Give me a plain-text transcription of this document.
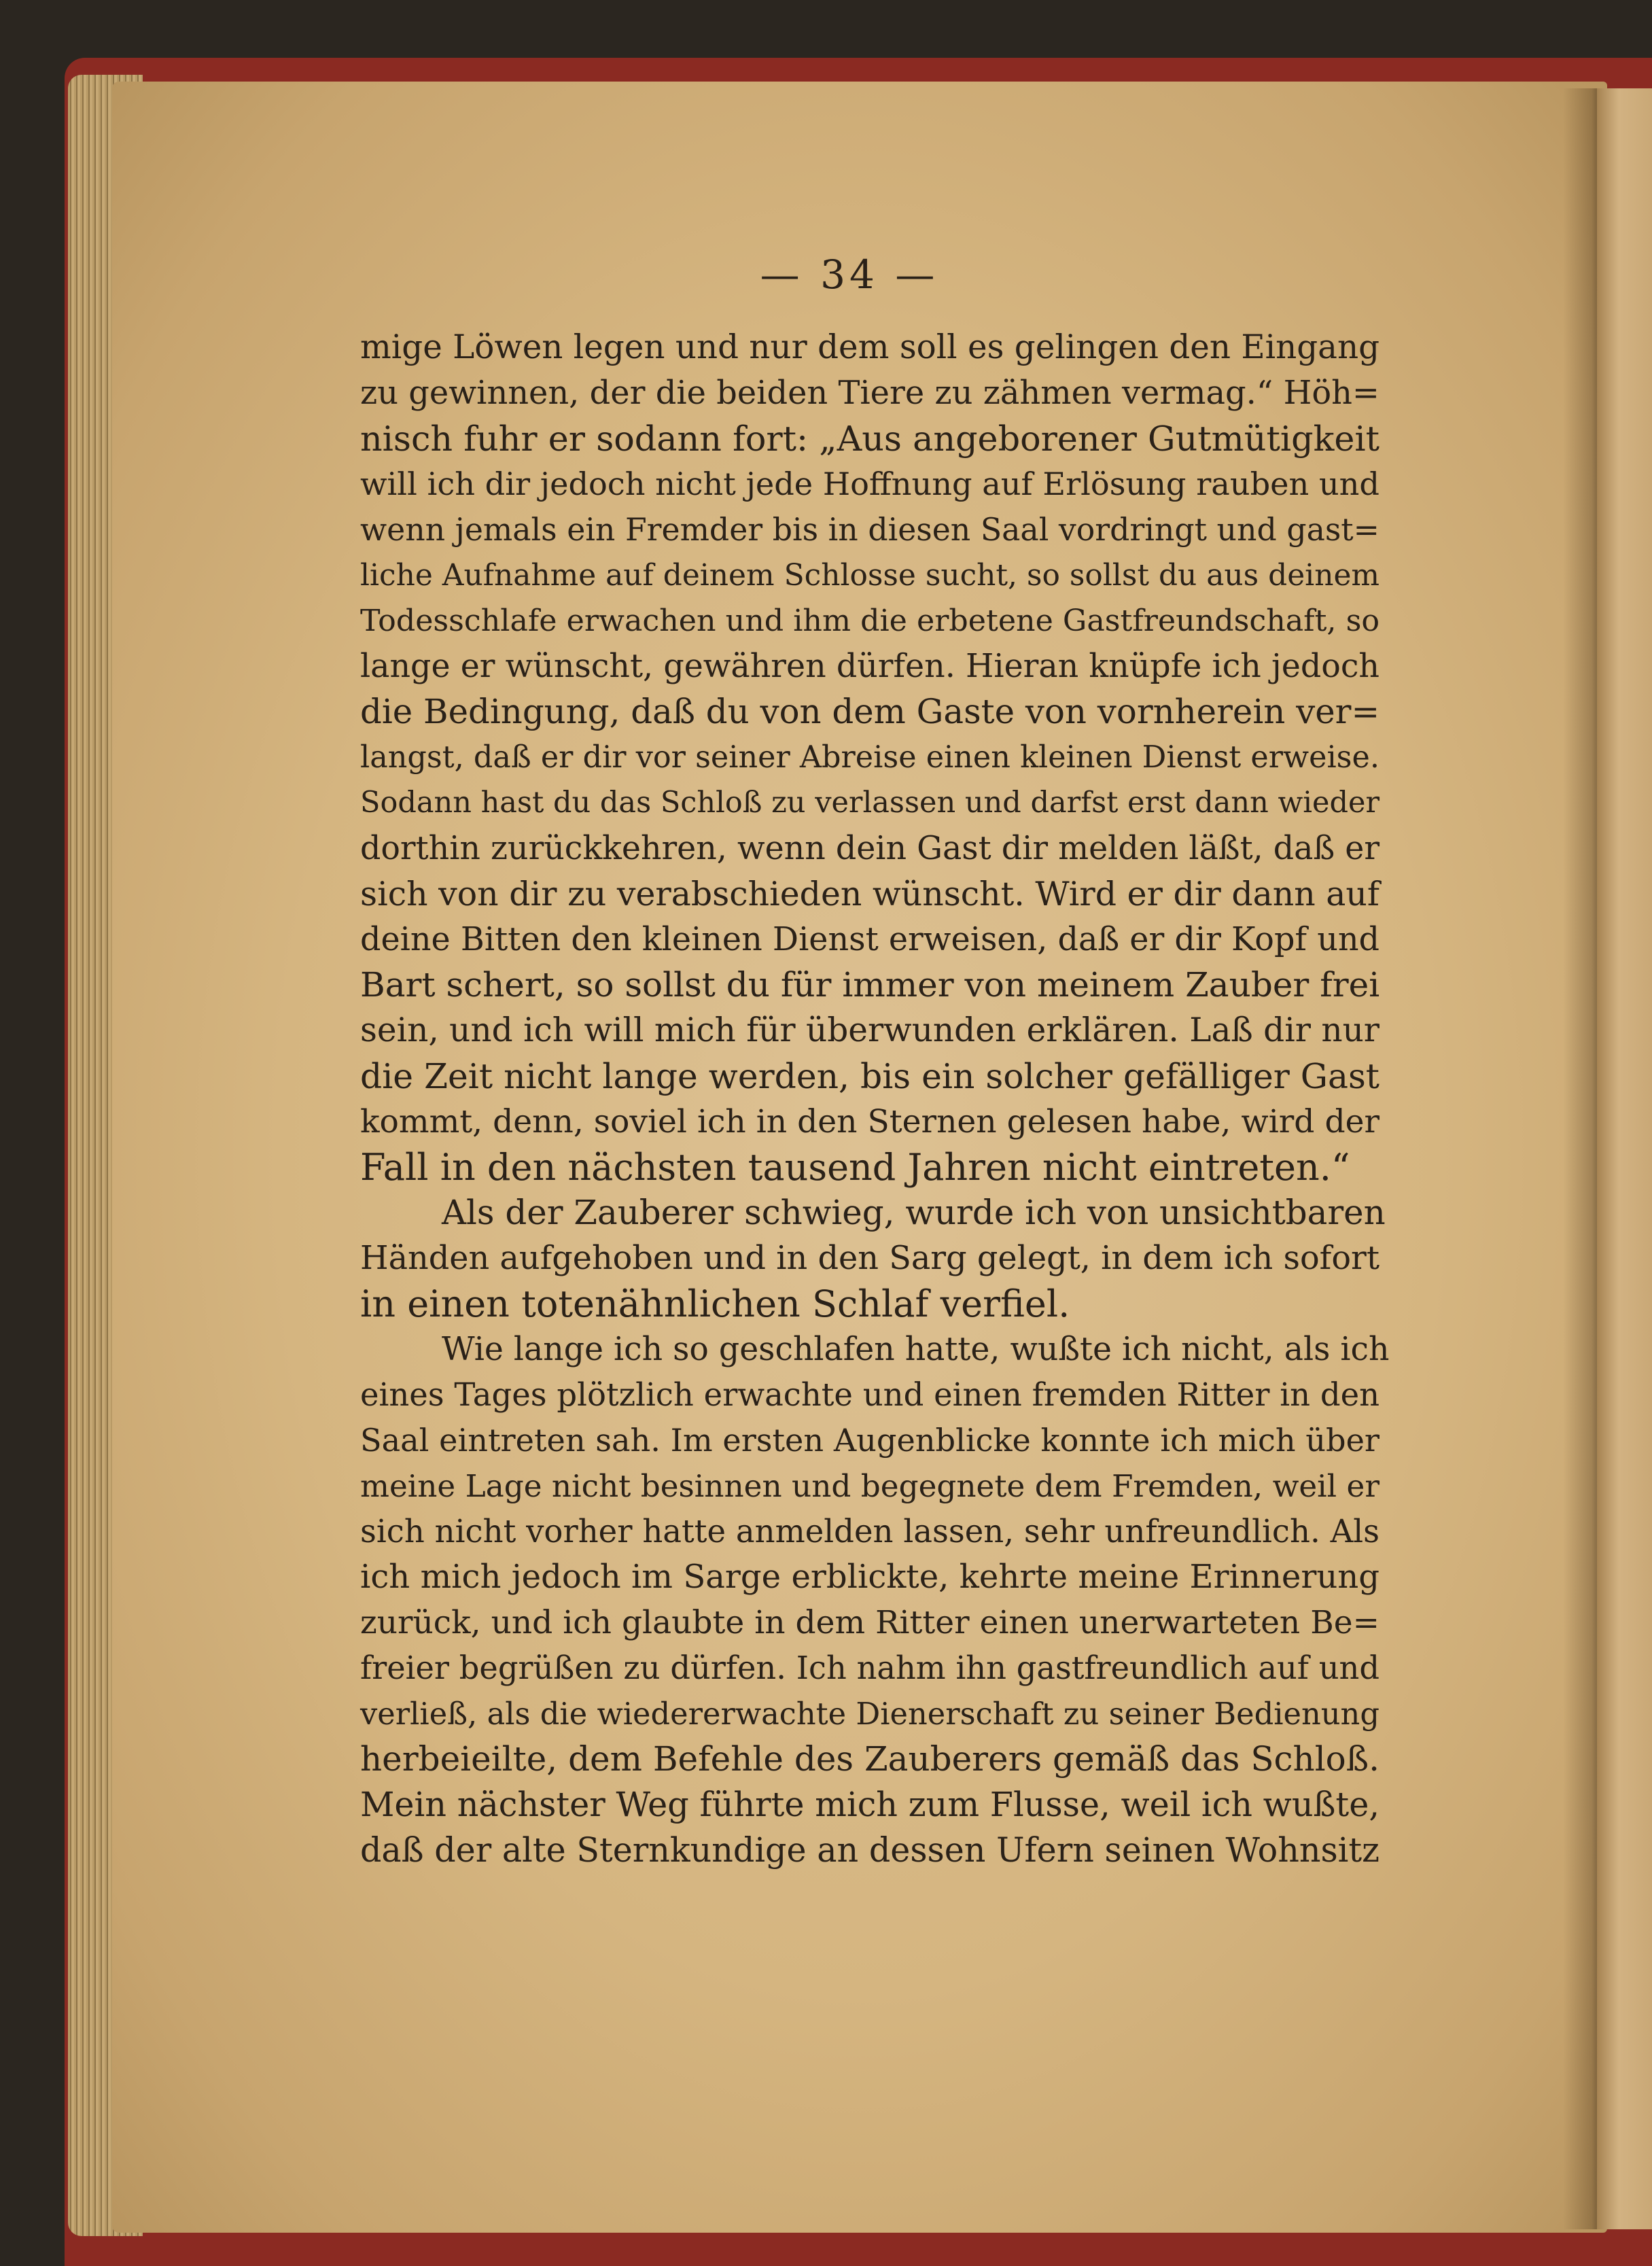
— 34 —
mige Löwen legen und nur dem soll es gelingen den Eingang
zu gewinnen, der die beiden Tiere zu zähmen vermag.“ Höh=
nisch fuhr er sodann fort: „Aus angeborener Gutmütigkeit
will ich dir jedoch nicht jede Hoffnung auf Erlösung rauben und
wenn jemals ein Fremder bis in diesen Saal vordringt und gast=
liche Aufnahme auf deinem Schlosse sucht, so sollst du aus deinem
Todesschlafe erwachen und ihm die erbetene Gastfreundschaft, so
lange er wünscht, gewähren dürfen. Hieran knüpfe ich jedoch
die Bedingung, daß du von dem Gaste von vornherein ver=
langst, daß er dir vor seiner Abreise einen kleinen Dienst erweise.
Sodann hast du das Schloß zu verlassen und darfst erst dann wieder
dorthin zurückkehren, wenn dein Gast dir melden läßt, daß er
sich von dir zu verabschieden wünscht. Wird er dir dann auf
deine Bitten den kleinen Dienst erweisen, daß er dir Kopf und
Bart schert, so sollst du für immer von meinem Zauber frei
sein, und ich will mich für überwunden erklären. Laß dir nur
die Zeit nicht lange werden, bis ein solcher gefälliger Gast
kommt, denn, soviel ich in den Sternen gelesen habe, wird der
Fall in den nächsten tausend Jahren nicht eintreten.“
Als der Zauberer schwieg, wurde ich von unsichtbaren
Händen aufgehoben und in den Sarg gelegt, in dem ich sofort
in einen totenähnlichen Schlaf verfiel.
Wie lange ich so geschlafen hatte, wußte ich nicht, als ich
eines Tages plötzlich erwachte und einen fremden Ritter in den
Saal eintreten sah. Im ersten Augenblicke konnte ich mich über
meine Lage nicht besinnen und begegnete dem Fremden, weil er
sich nicht vorher hatte anmelden lassen, sehr unfreundlich. Als
ich mich jedoch im Sarge erblickte, kehrte meine Erinnerung
zurück, und ich glaubte in dem Ritter einen unerwarteten Be=
freier begrüßen zu dürfen. Ich nahm ihn gastfreundlich auf und
verließ, als die wiedererwachte Dienerschaft zu seiner Bedienung
herbeieilte, dem Befehle des Zauberers gemäß das Schloß.
Mein nächster Weg führte mich zum Flusse, weil ich wußte,
daß der alte Sternkundige an dessen Ufern seinen Wohnsitz
